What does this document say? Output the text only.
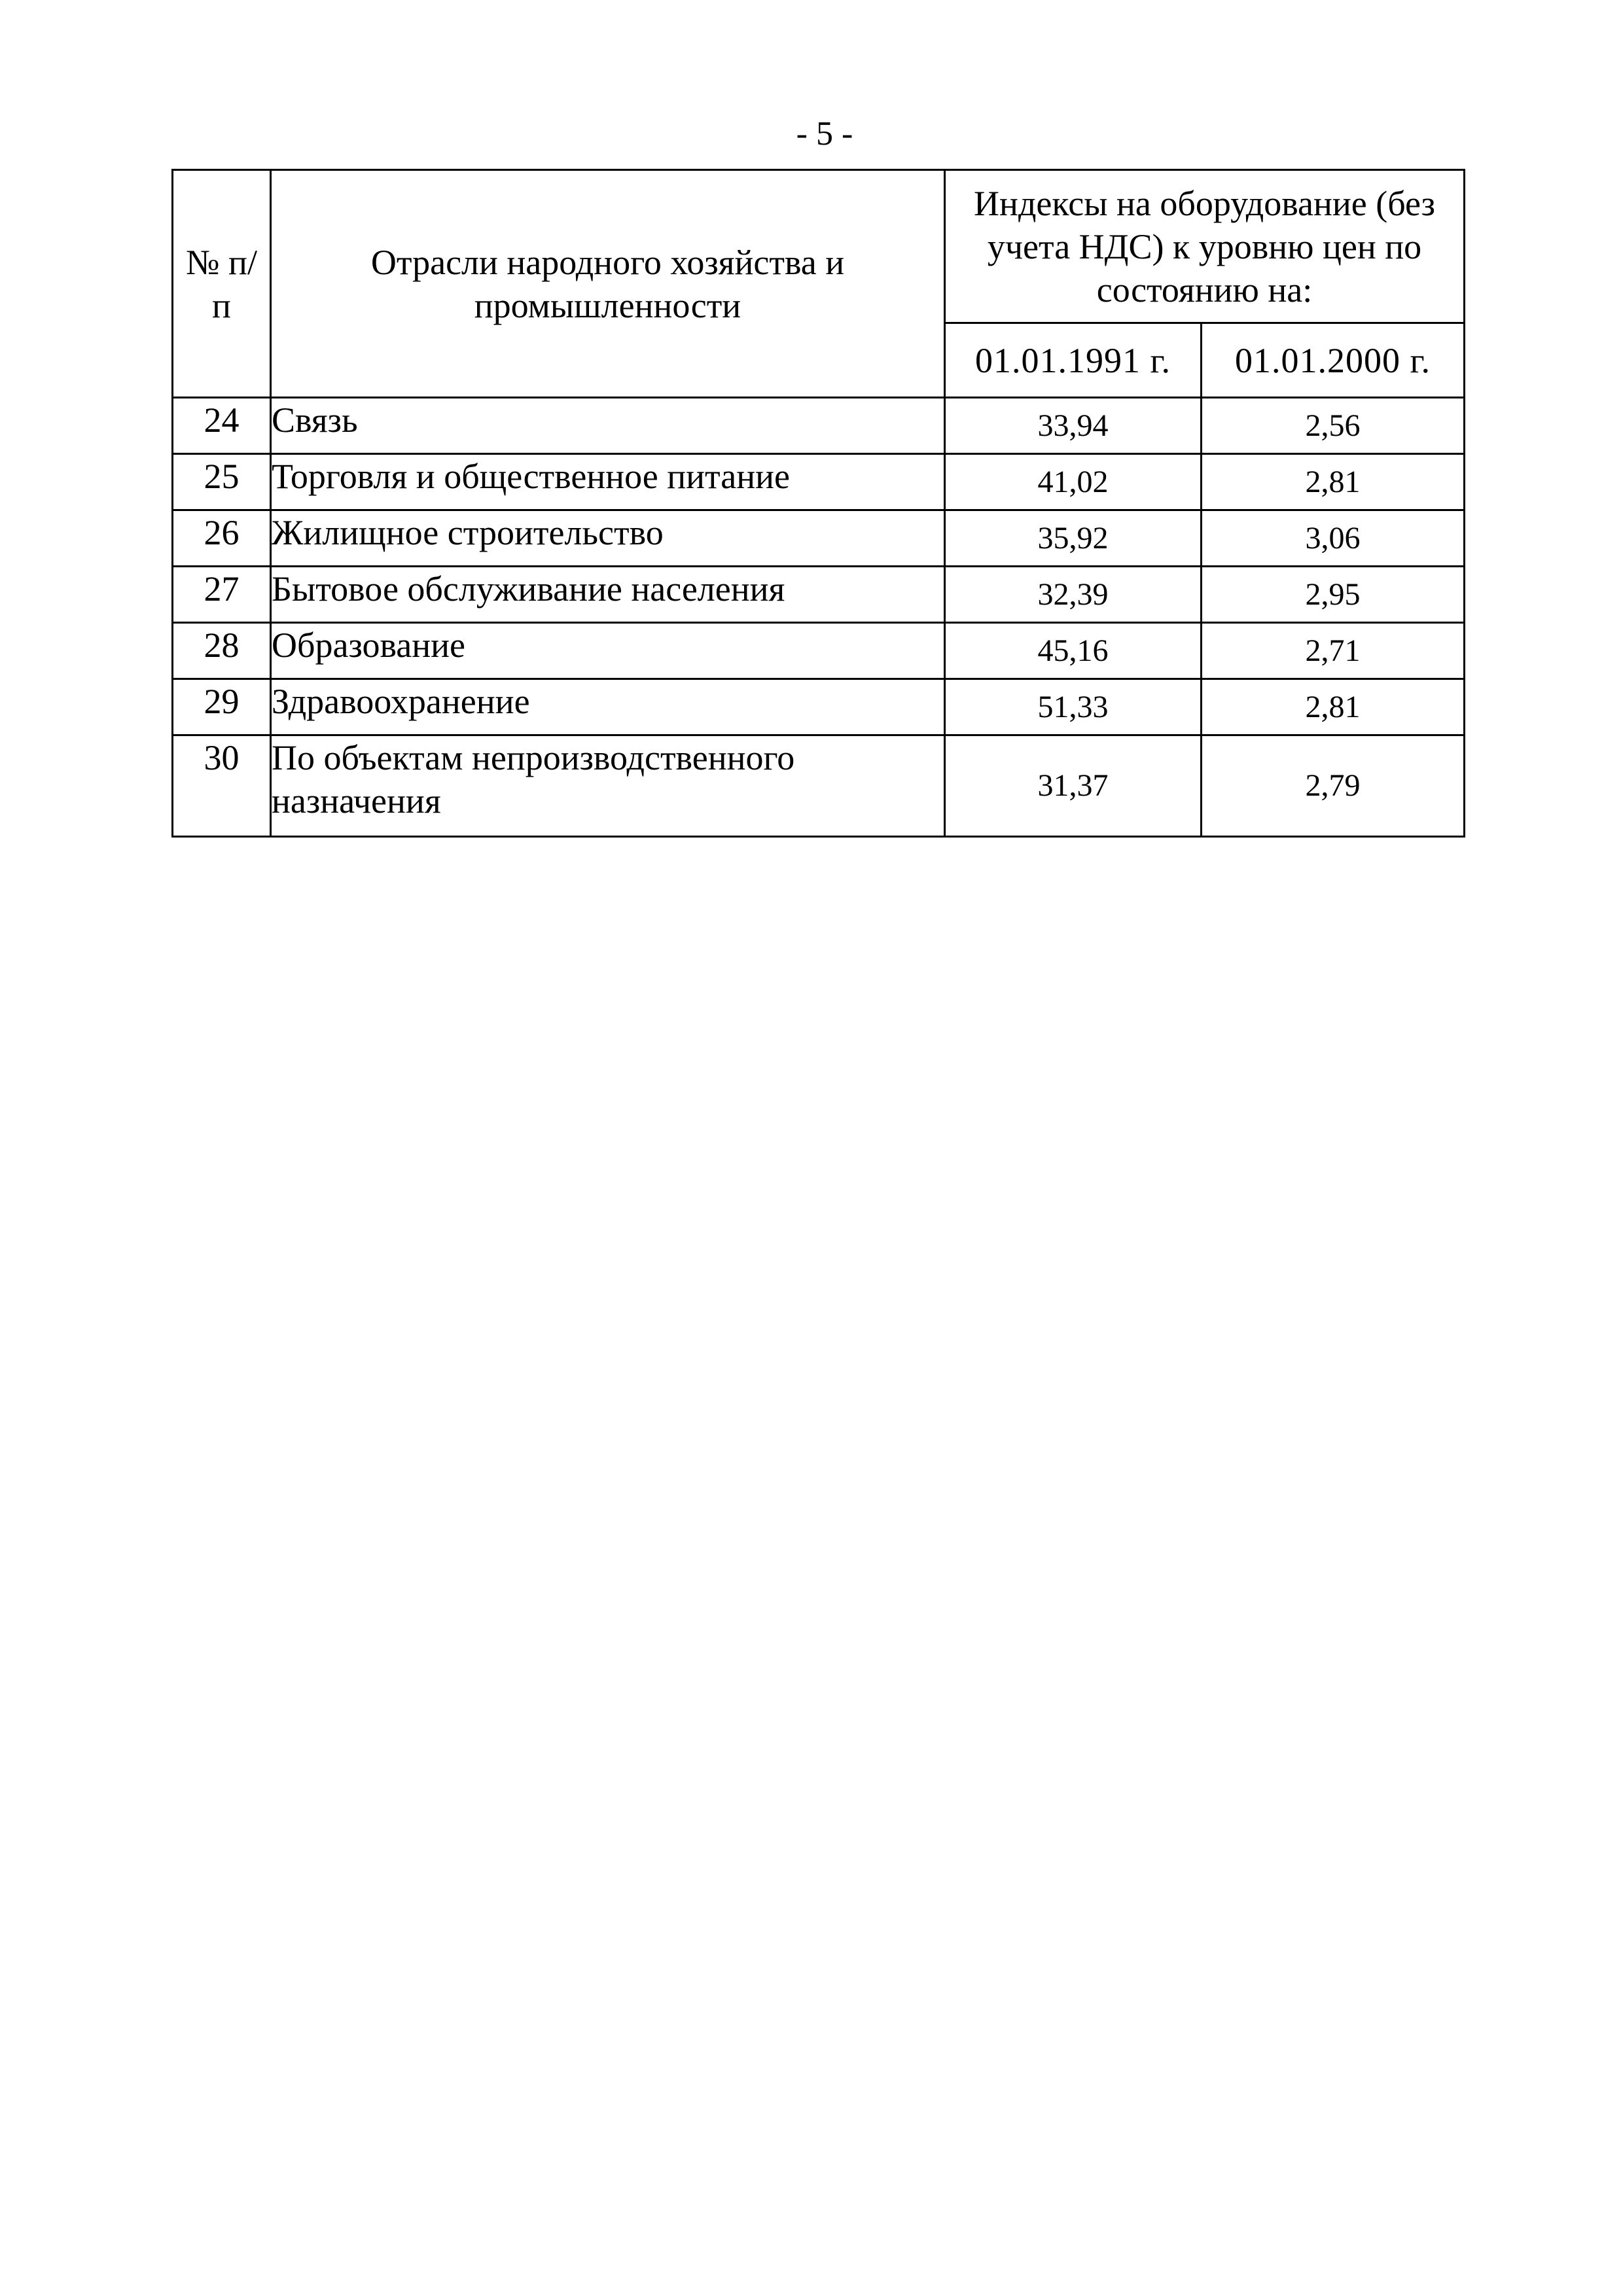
- 5 -
№ п/п	Отрасли народного хозяйства и промышленности	Индексы на оборудование (без учета НДС) к уровню цен по состоянию на:	
		01.01.1991 г.	01.01.2000 г.
24	Связь	33,94	2,56
25	Торговля и общественное питание	41,02	2,81
26	Жилищное строительство	35,92	3,06
27	Бытовое обслуживание населения	32,39	2,95
28	Образование	45,16	2,71
29	Здравоохранение	51,33	2,81
30	По объектам непроизводственного назначения	31,37	2,79
